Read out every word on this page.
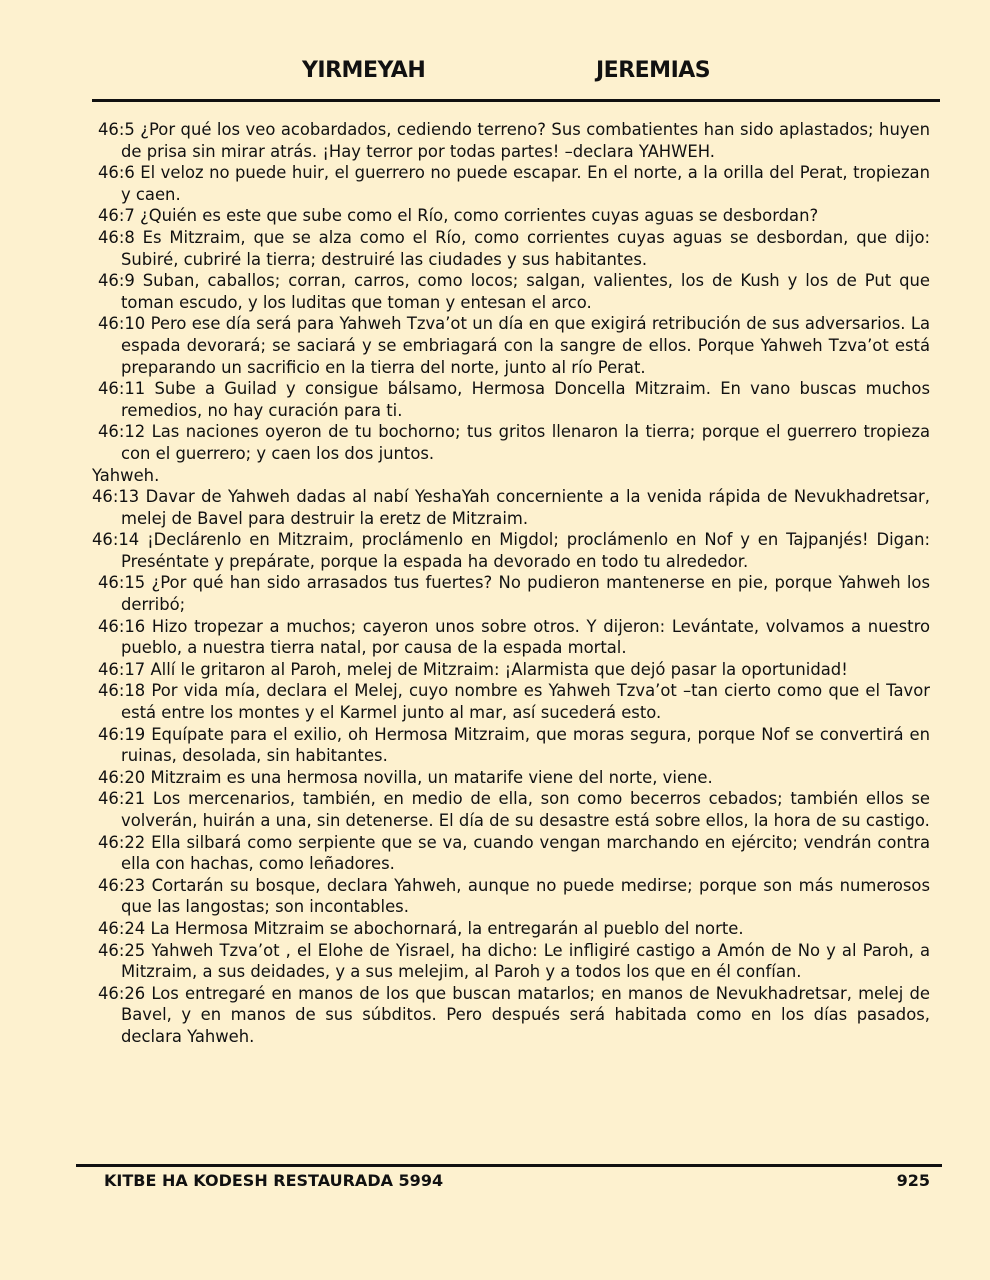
YIRMEYAH	JEREMIAS

46:5 ¿Por qué los veo acobardados, cediendo terreno? Sus combatientes han sido aplastados; huyen de prisa sin mirar atrás. ¡Hay terror por todas partes! –declara YAHWEH.

46:6 El veloz no puede huir, el guerrero no puede escapar. En el norte, a la orilla del Perat, tropiezan y caen.

46:7 ¿Quién es este que sube como el Río, como corrientes cuyas aguas se desbordan?

46:8 Es Mitzraim, que se alza como el Río, como corrientes cuyas aguas se desbordan, que dijo: Subiré, cubriré la tierra; destruiré las ciudades y sus habitantes.

46:9 Suban, caballos; corran, carros, como locos; salgan, valientes, los de Kush y los de Put que toman escudo, y los luditas que toman y entesan el arco.

46:10 Pero ese día será para Yahweh Tzva’ot un día en que exigirá retribución de sus adversarios. La espada devorará; se saciará y se embriagará con la sangre de ellos. Porque Yahweh Tzva’ot está preparando un sacrificio en la tierra del norte, junto al río Perat.

46:11 Sube a Guilad y consigue bálsamo, Hermosa Doncella Mitzraim. En vano buscas muchos remedios, no hay curación para ti.

46:12 Las naciones oyeron de tu bochorno; tus gritos llenaron la tierra; porque el guerrero tropieza con el guerrero; y caen los dos juntos.

Yahweh.

46:13 Davar de Yahweh dadas al nabí YeshaYah concerniente a la venida rápida de Nevukhadretsar, melej de Bavel para destruir la eretz de Mitzraim.

46:14 ¡Declárenlo en Mitzraim, proclámenlo en Migdol; proclámenlo en Nof y en Tajpanjés! Digan: Preséntate y prepárate, porque la espada ha devorado en todo tu alrededor.

46:15 ¿Por qué han sido arrasados tus fuertes? No pudieron mantenerse en pie, porque Yahweh los derribó;

46:16 Hizo tropezar a muchos; cayeron unos sobre otros. Y dijeron: Levántate, volvamos a nuestro pueblo, a nuestra tierra natal, por causa de la espada mortal.

46:17 Allí le gritaron al Paroh, melej de Mitzraim: ¡Alarmista que dejó pasar la oportunidad!

46:18 Por vida mía, declara el Melej, cuyo nombre es Yahweh Tzva’ot –tan cierto como que el Tavor está entre los montes y el Karmel junto al mar, así sucederá esto.

46:19 Equípate para el exilio, oh Hermosa Mitzraim, que moras segura, porque Nof se convertirá en ruinas, desolada, sin habitantes.

46:20 Mitzraim es una hermosa novilla, un matarife viene del norte, viene.

46:21 Los mercenarios, también, en medio de ella, son como becerros cebados; también ellos se volverán, huirán a una, sin detenerse. El día de su desastre está sobre ellos, la hora de su castigo.

46:22 Ella silbará como serpiente que se va, cuando vengan marchando en ejército; vendrán contra ella con hachas, como leñadores.

46:23 Cortarán su bosque, declara Yahweh, aunque no puede medirse; porque son más numerosos que las langostas; son incontables.

46:24 La Hermosa Mitzraim se abochornará, la entregarán al pueblo del norte.

46:25 Yahweh Tzva’ot , el Elohe de Yisrael, ha dicho: Le infligiré castigo a Amón de No y al Paroh, a Mitzraim, a sus deidades, y a sus melejim, al Paroh y a todos los que en él confían.

46:26 Los entregaré en manos de los que buscan matarlos; en manos de Nevukhadretsar, melej de Bavel, y en manos de sus súbditos. Pero después será habitada como en los días pasados, declara Yahweh.

KITBE HA KODESH RESTAURADA 5994	925
